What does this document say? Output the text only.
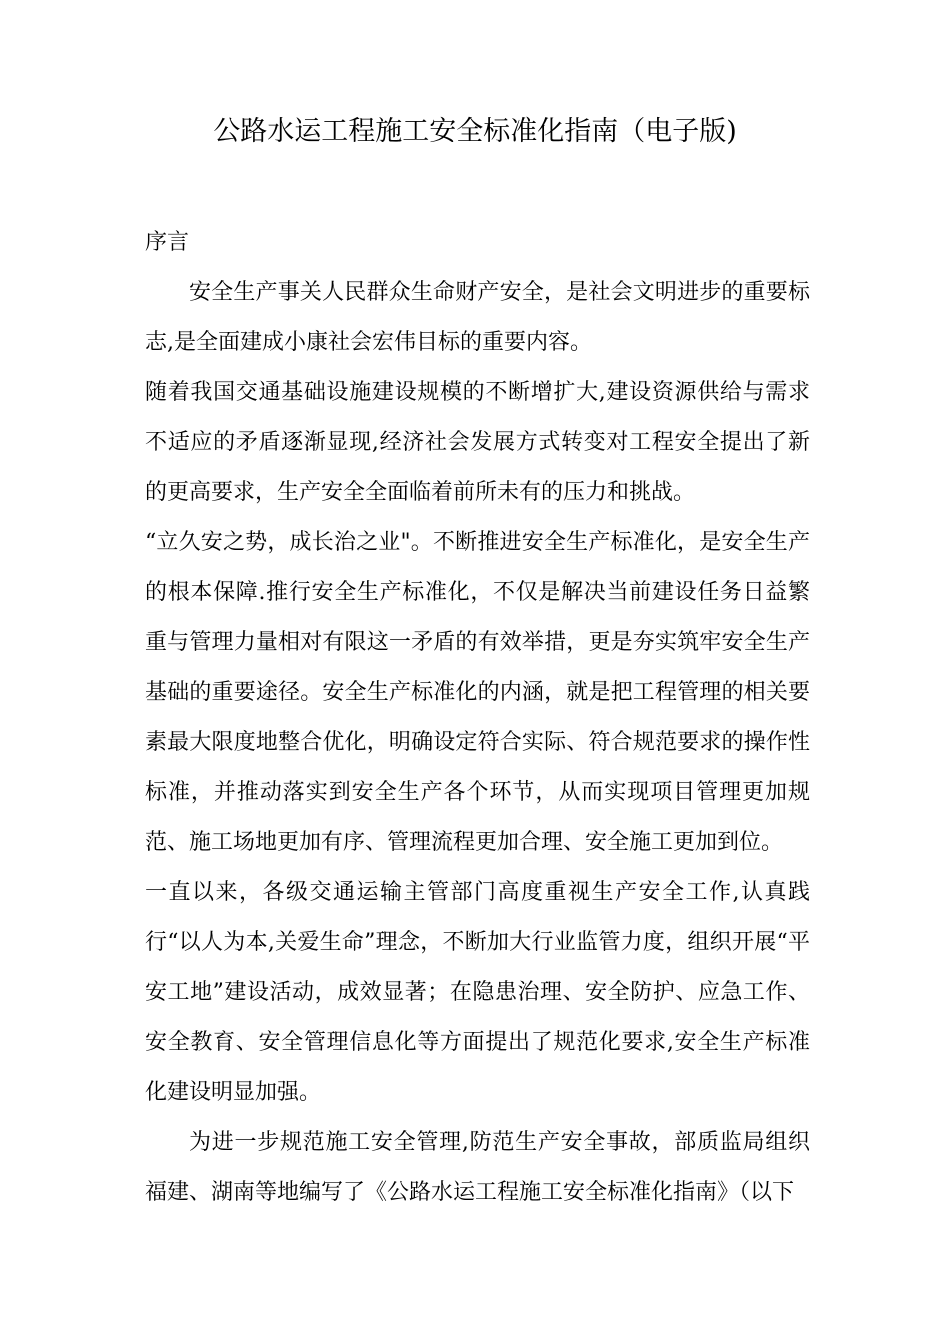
公路水运工程施工安全标准化指南（电子版)

序言

安全生产事关人民群众生命财产安全，是社会文明进步的重要标志,是全面建成小康社会宏伟目标的重要内容。

随着我国交通基础设施建设规模的不断增扩大,建设资源供给与需求不适应的矛盾逐渐显现,经济社会发展方式转变对工程安全提出了新的更高要求，生产安全全面临着前所未有的压力和挑战。

“立久安之势，成长治之业"。不断推进安全生产标准化，是安全生产的根本保障.推行安全生产标准化，不仅是解决当前建设任务日益繁重与管理力量相对有限这一矛盾的有效举措，更是夯实筑牢安全生产基础的重要途径。安全生产标准化的内涵，就是把工程管理的相关要素最大限度地整合优化，明确设定符合实际、符合规范要求的操作性标准，并推动落实到安全生产各个环节，从而实现项目管理更加规范、施工场地更加有序、管理流程更加合理、安全施工更加到位。

一直以来，各级交通运输主管部门高度重视生产安全工作,认真践行“以人为本,关爱生命”理念，不断加大行业监管力度，组织开展“平安工地”建设活动，成效显著；在隐患治理、安全防护、应急工作、安全教育、安全管理信息化等方面提出了规范化要求,安全生产标准化建设明显加强。

为进一步规范施工安全管理,防范生产安全事故，部质监局组织福建、湖南等地编写了《公路水运工程施工安全标准化指南》（以下
